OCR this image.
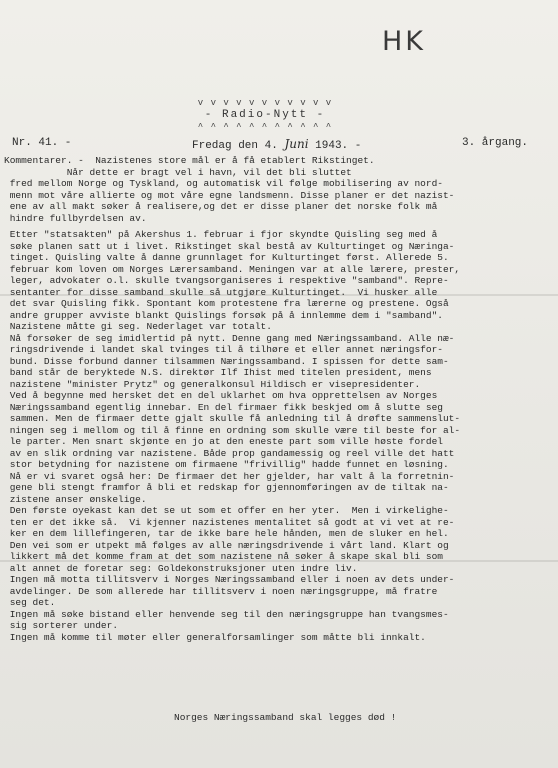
HK
v v v v v v v v v v v
- Radio-Nytt -
^ ^ ^ ^ ^ ^ ^ ^ ^ ^ ^
Nr. 41. -	Fredag den 4. Juni 1943. -	3. årgang.
Kommentarer. -  Nazistenes store mål er å få etablert Rikstinget.
Når dette er bragt vel i havn, vil det bli sluttet
fred mellom Norge og Tyskland, og automatisk vil følge mobilisering av nord-
menn mot våre allierte og mot våre egne landsmenn. Disse planer er det nazist-
ene av all makt søker å realisere,og det er disse planer det norske folk må
hindre fullbyrdelsen av.
Etter "statsakten" på Akershus 1. februar i fjor skyndte Quisling seg med å
søke planen satt ut i livet. Rikstinget skal bestå av Kulturtinget og Næringa-
tinget. Quisling valte å danne grunnlaget for Kulturtinget først. Allerede 5.
februar kom loven om Norges Lærersamband. Meningen var at alle lærere, prester,
leger, advokater o.l. skulle tvangsorganiseres i respektive "samband". Repre-
sentanter for disse samband skulle så utgjøre Kulturtinget.  Vi husker alle
det svar Quisling fikk. Spontant kom protestene fra lærerne og prestene. Også
andre grupper avviste blankt Quislings forsøk på å innlemme dem i "samband".
Nazistene måtte gi seg. Nederlaget var totalt.
Nå forsøker de seg imidlertid på nytt. Denne gang med Næringssamband. Alle næ-
ringsdrivende i landet skal tvinges til å tilhøre et eller annet næringsfor-
bund. Disse forbund danner tilsammen Næringssamband. I spissen for dette sam-
band står de beryktede N.S. direktør Ilf Ihist med titelen president, mens
nazistene "minister Prytz" og generalkonsul Hildisch er visepresidenter.
Ved å begynne med hersket det en del uklarhet om hva opprettelsen av Norges
Næringssamband egentlig innebar. En del firmaer fikk beskjed om å slutte seg
sammen. Men de firmaer dette gjalt skulle få anledning til å drøfte sammenslut-
ningen seg i mellom og til å finne en ordning som skulle være til beste for al-
le parter. Men snart skjønte en jo at den eneste part som ville høste fordel
av en slik ordning var nazistene. Både prop gandamessig og reel ville det hatt
stor betydning for nazistene om firmaene "frivillig" hadde funnet en løsning.
Nå er vi svaret også her: De firmaer det her gjelder, har valt å la forretnin-
gene bli stengt framfor å bli et redskap for gjennomføringen av de tiltak na-
zistene anser ønskelige.
Den første oyekast kan det se ut som et offer en her yter.  Men i virkelighe-
ten er det ikke så.  Vi kjenner nazistenes mentalitet så godt at vi vet at re-
ker en dem lillefingeren, tar de ikke bare hele hånden, men de sluker en hel.
Den vei som er utpekt må følges av alle næringsdrivende i vårt land. Klart og
likkert må det komme fram at det som nazistene nå søker å skape skal bli som
alt annet de foretar seg: Goldekonstruksjoner uten indre liv.
Ingen må motta tillitsverv i Norges Næringssamband eller i noen av dets under-
avdelinger. De som allerede har tillitsverv i noen næringsgruppe, må fratre
seg det.
Ingen må søke bistand eller henvende seg til den næringsgruppe han tvangsmes-
sig sorterer under.
Ingen må komme til møter eller generalforsamlinger som måtte bli innkalt.
Norges Næringssamband skal legges død !
